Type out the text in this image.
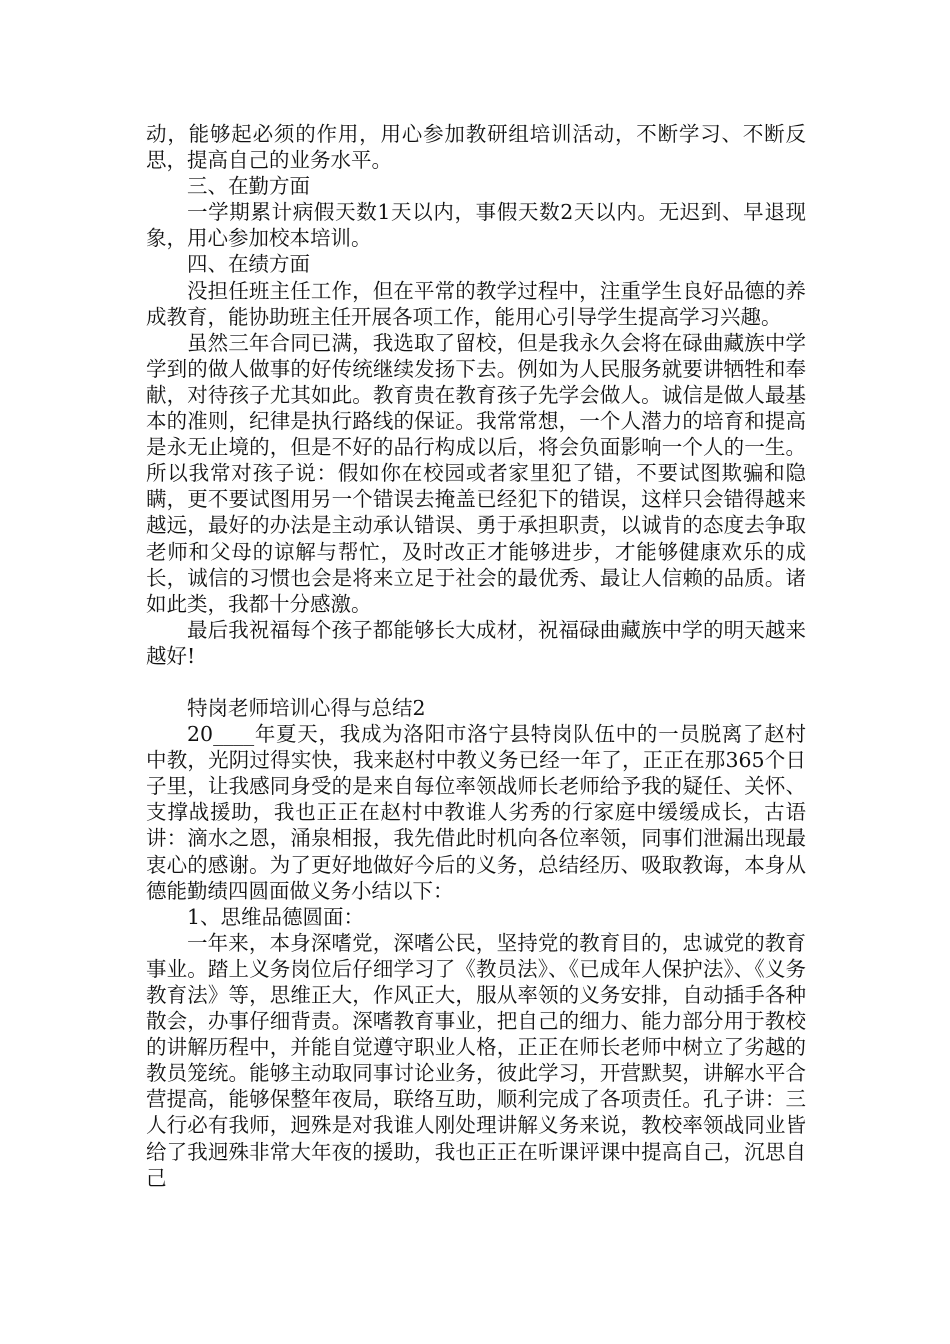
动，能够起必须的作用，用心参加教研组培训活动，不断学习、不断反思，提高自己的业务水平。

三、在勤方面

一学期累计病假天数1天以内，事假天数2天以内。无迟到、早退现象，用心参加校本培训。

四、在绩方面

没担任班主任工作，但在平常的教学过程中，注重学生良好品德的养成教育，能协助班主任开展各项工作，能用心引导学生提高学习兴趣。

虽然三年合同已满，我选取了留校，但是我永久会将在碌曲藏族中学学到的做人做事的好传统继续发扬下去。例如为人民服务就要讲牺牲和奉献，对待孩子尤其如此。教育贵在教育孩子先学会做人。诚信是做人最基本的准则，纪律是执行路线的保证。我常常想，一个人潜力的培育和提高是永无止境的，但是不好的品行构成以后，将会负面影响一个人的一生。所以我常对孩子说：假如你在校园或者家里犯了错，不要试图欺骗和隐瞒，更不要试图用另一个错误去掩盖已经犯下的错误，这样只会错得越来越远，最好的办法是主动承认错误、勇于承担职责，以诚肯的态度去争取老师和父母的谅解与帮忙，及时改正才能够进步，才能够健康欢乐的成长，诚信的习惯也会是将来立足于社会的最优秀、最让人信赖的品质。诸如此类，我都十分感激。

最后我祝福每个孩子都能够长大成材，祝福碌曲藏族中学的明天越来越好!

特岗老师培训心得与总结2

20____年夏天，我成为洛阳市洛宁县特岗队伍中的一员脱离了赵村中教，光阴过得实快，我来赵村中教义务已经一年了，正正在那365个日子里，让我感同身受的是来自每位率领战师长老师给予我的疑任、关怀、支撑战援助，我也正正在赵村中教谁人劣秀的行家庭中缓缓成长，古语讲：滴水之恩，涌泉相报，我先借此时机向各位率领，同事们泄漏出现最衷心的感谢。为了更好地做好今后的义务，总结经历、吸取教诲，本身从德能勤绩四圆面做义务小结以下：

1、思维品德圆面：

一年来，本身深嗜党，深嗜公民，坚持党的教育目的，忠诚党的教育事业。踏上义务岗位后仔细学习了《教员法》、《已成年人保护法》、《义务教育法》等，思维正大，作风正大，服从率领的义务安排，自动插手各种散会，办事仔细背责。深嗜教育事业，把自己的细力、能力部分用于教校的讲解历程中，并能自觉遵守职业人格，正正在师长老师中树立了劣越的教员笼统。能够主动取同事讨论业务，彼此学习，开营默契，讲解水平合营提高，能够保整年夜局，联络互助，顺利完成了各项责任。孔子讲：三人行必有我师，迥殊是对我谁人刚处理讲解义务来说，教校率领战同业皆给了我迥殊非常大年夜的援助，我也正正在听课评课中提高自己，沉思自己
